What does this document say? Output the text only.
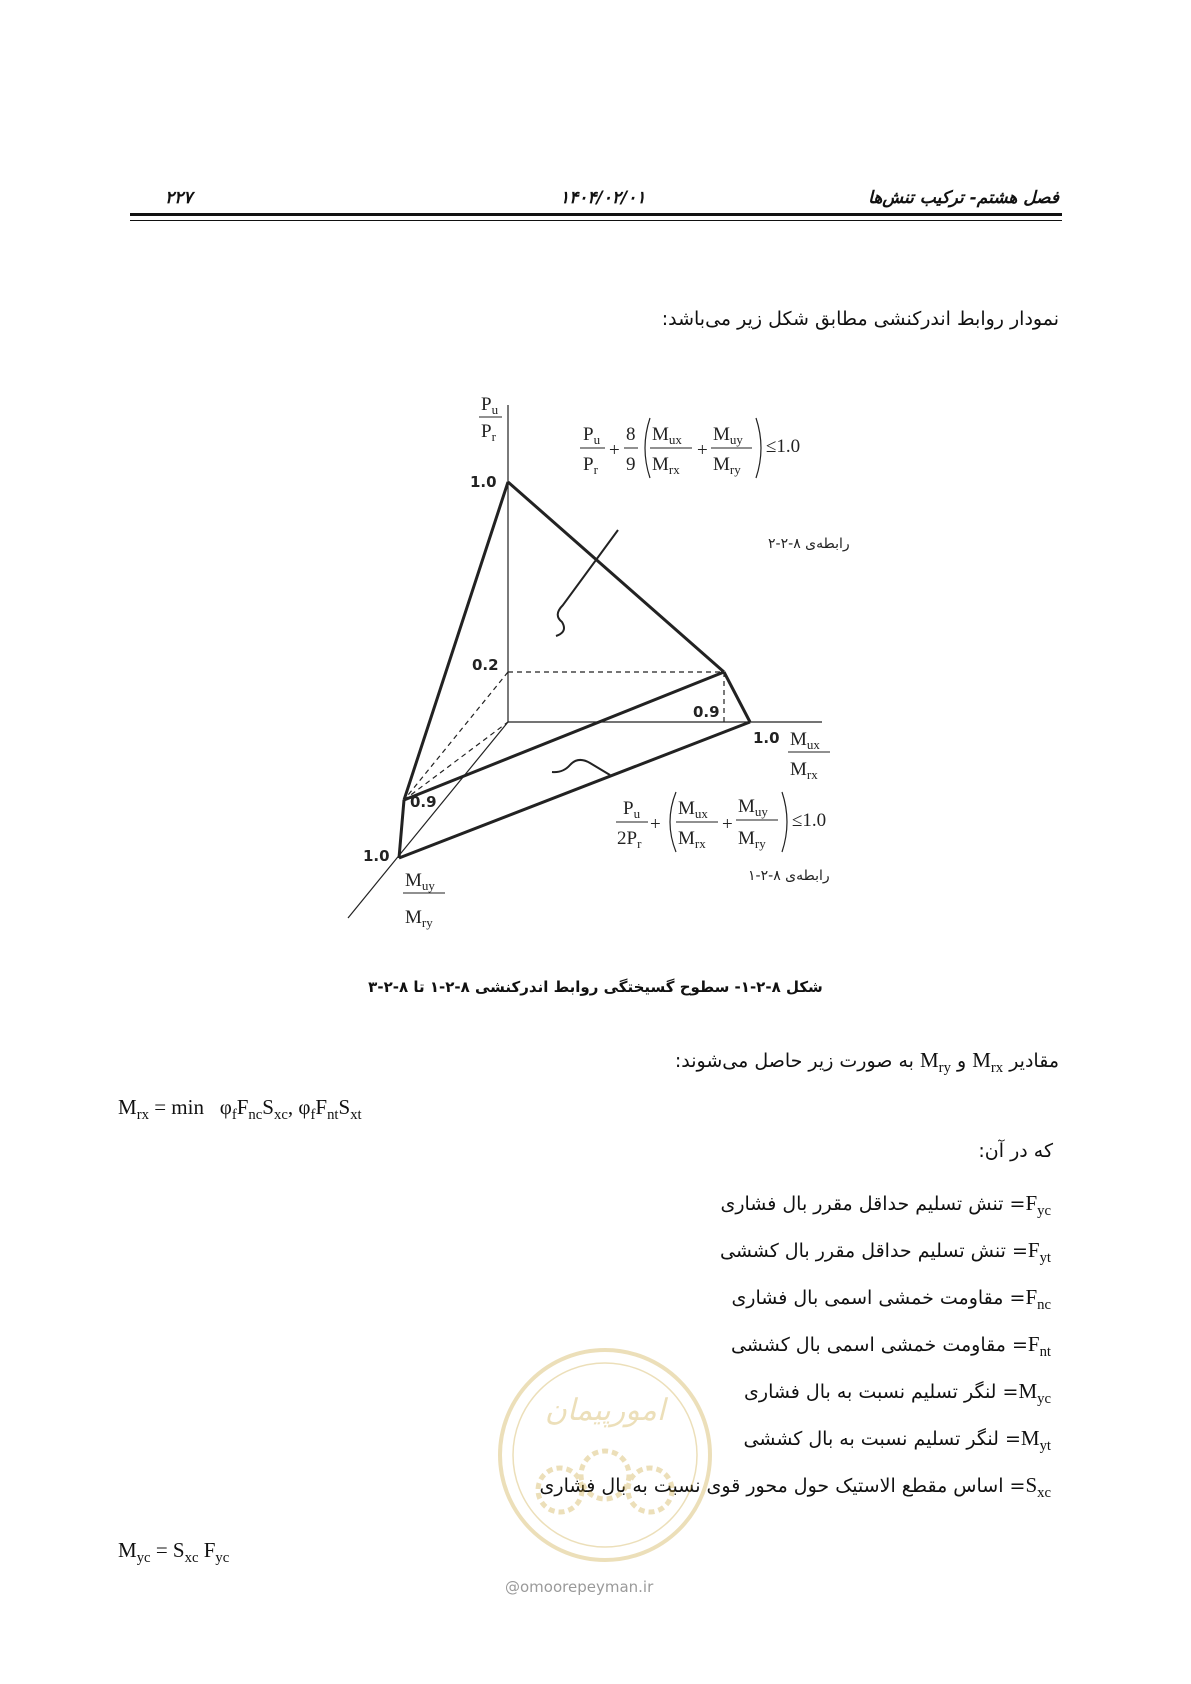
۲۲۷	۱۴۰۴/۰۲/۰۱	فصل هشتم- ترکیب تنش‌ها
نمودار روابط اندرکنشی مطابق شکل زیر می‌باشد:
1.0
0.2
0.9
1.0
0.9
1.0
$P_u$
$P_r$
$M_{ux}$
$M_{rx}$
$M_{uy}$
$M_{ry}$
$P_u$
$P_r$
+
8
9
$M_{ux}$
$M_{rx}$
+
$M_{uy}$
$M_{ry}$
≤1.0
$P_u$
$2P_r$
+
$M_{ux}$
$M_{rx}$
+
$M_{uy}$
$M_{ry}$
≤1.0
رابطه‌ی ۸-۲-۲
رابطه‌ی ۸-۲-۱
شکل ۸-۲-۱- سطوح گسیختگی روابط اندرکنشی ۸-۲-۱ تا ۸-۲-۳
مقادیر $M_{rx}$ و $M_{ry}$ به صورت زیر حاصل می‌شوند:
$M_{rx} = \min \varphi_fF_{nc}S_{xc}$, $\varphi_fF_{nt}S_{xt}$
که در آن:
$F_{yc}=$ تنش تسلیم حداقل مقرر بال فشاری
$F_{yt}=$ تنش تسلیم حداقل مقرر بال کششی
$F_{nc}=$ مقاومت خمشی اسمی بال فشاری
$F_{nt}=$ مقاومت خمشی اسمی بال کششی
$M_{yc}=$ لنگر تسلیم نسبت به بال فشاری
$M_{yt}=$ لنگر تسلیم نسبت به بال کششی
$S_{xc}=$ اساس مقطع الاستیک حول محور قوی نسبت به بال فشاری
$M_{yc} = S_{xc}$ $F_{yc}$
امورپیمان
@omoorepeyman.ir
